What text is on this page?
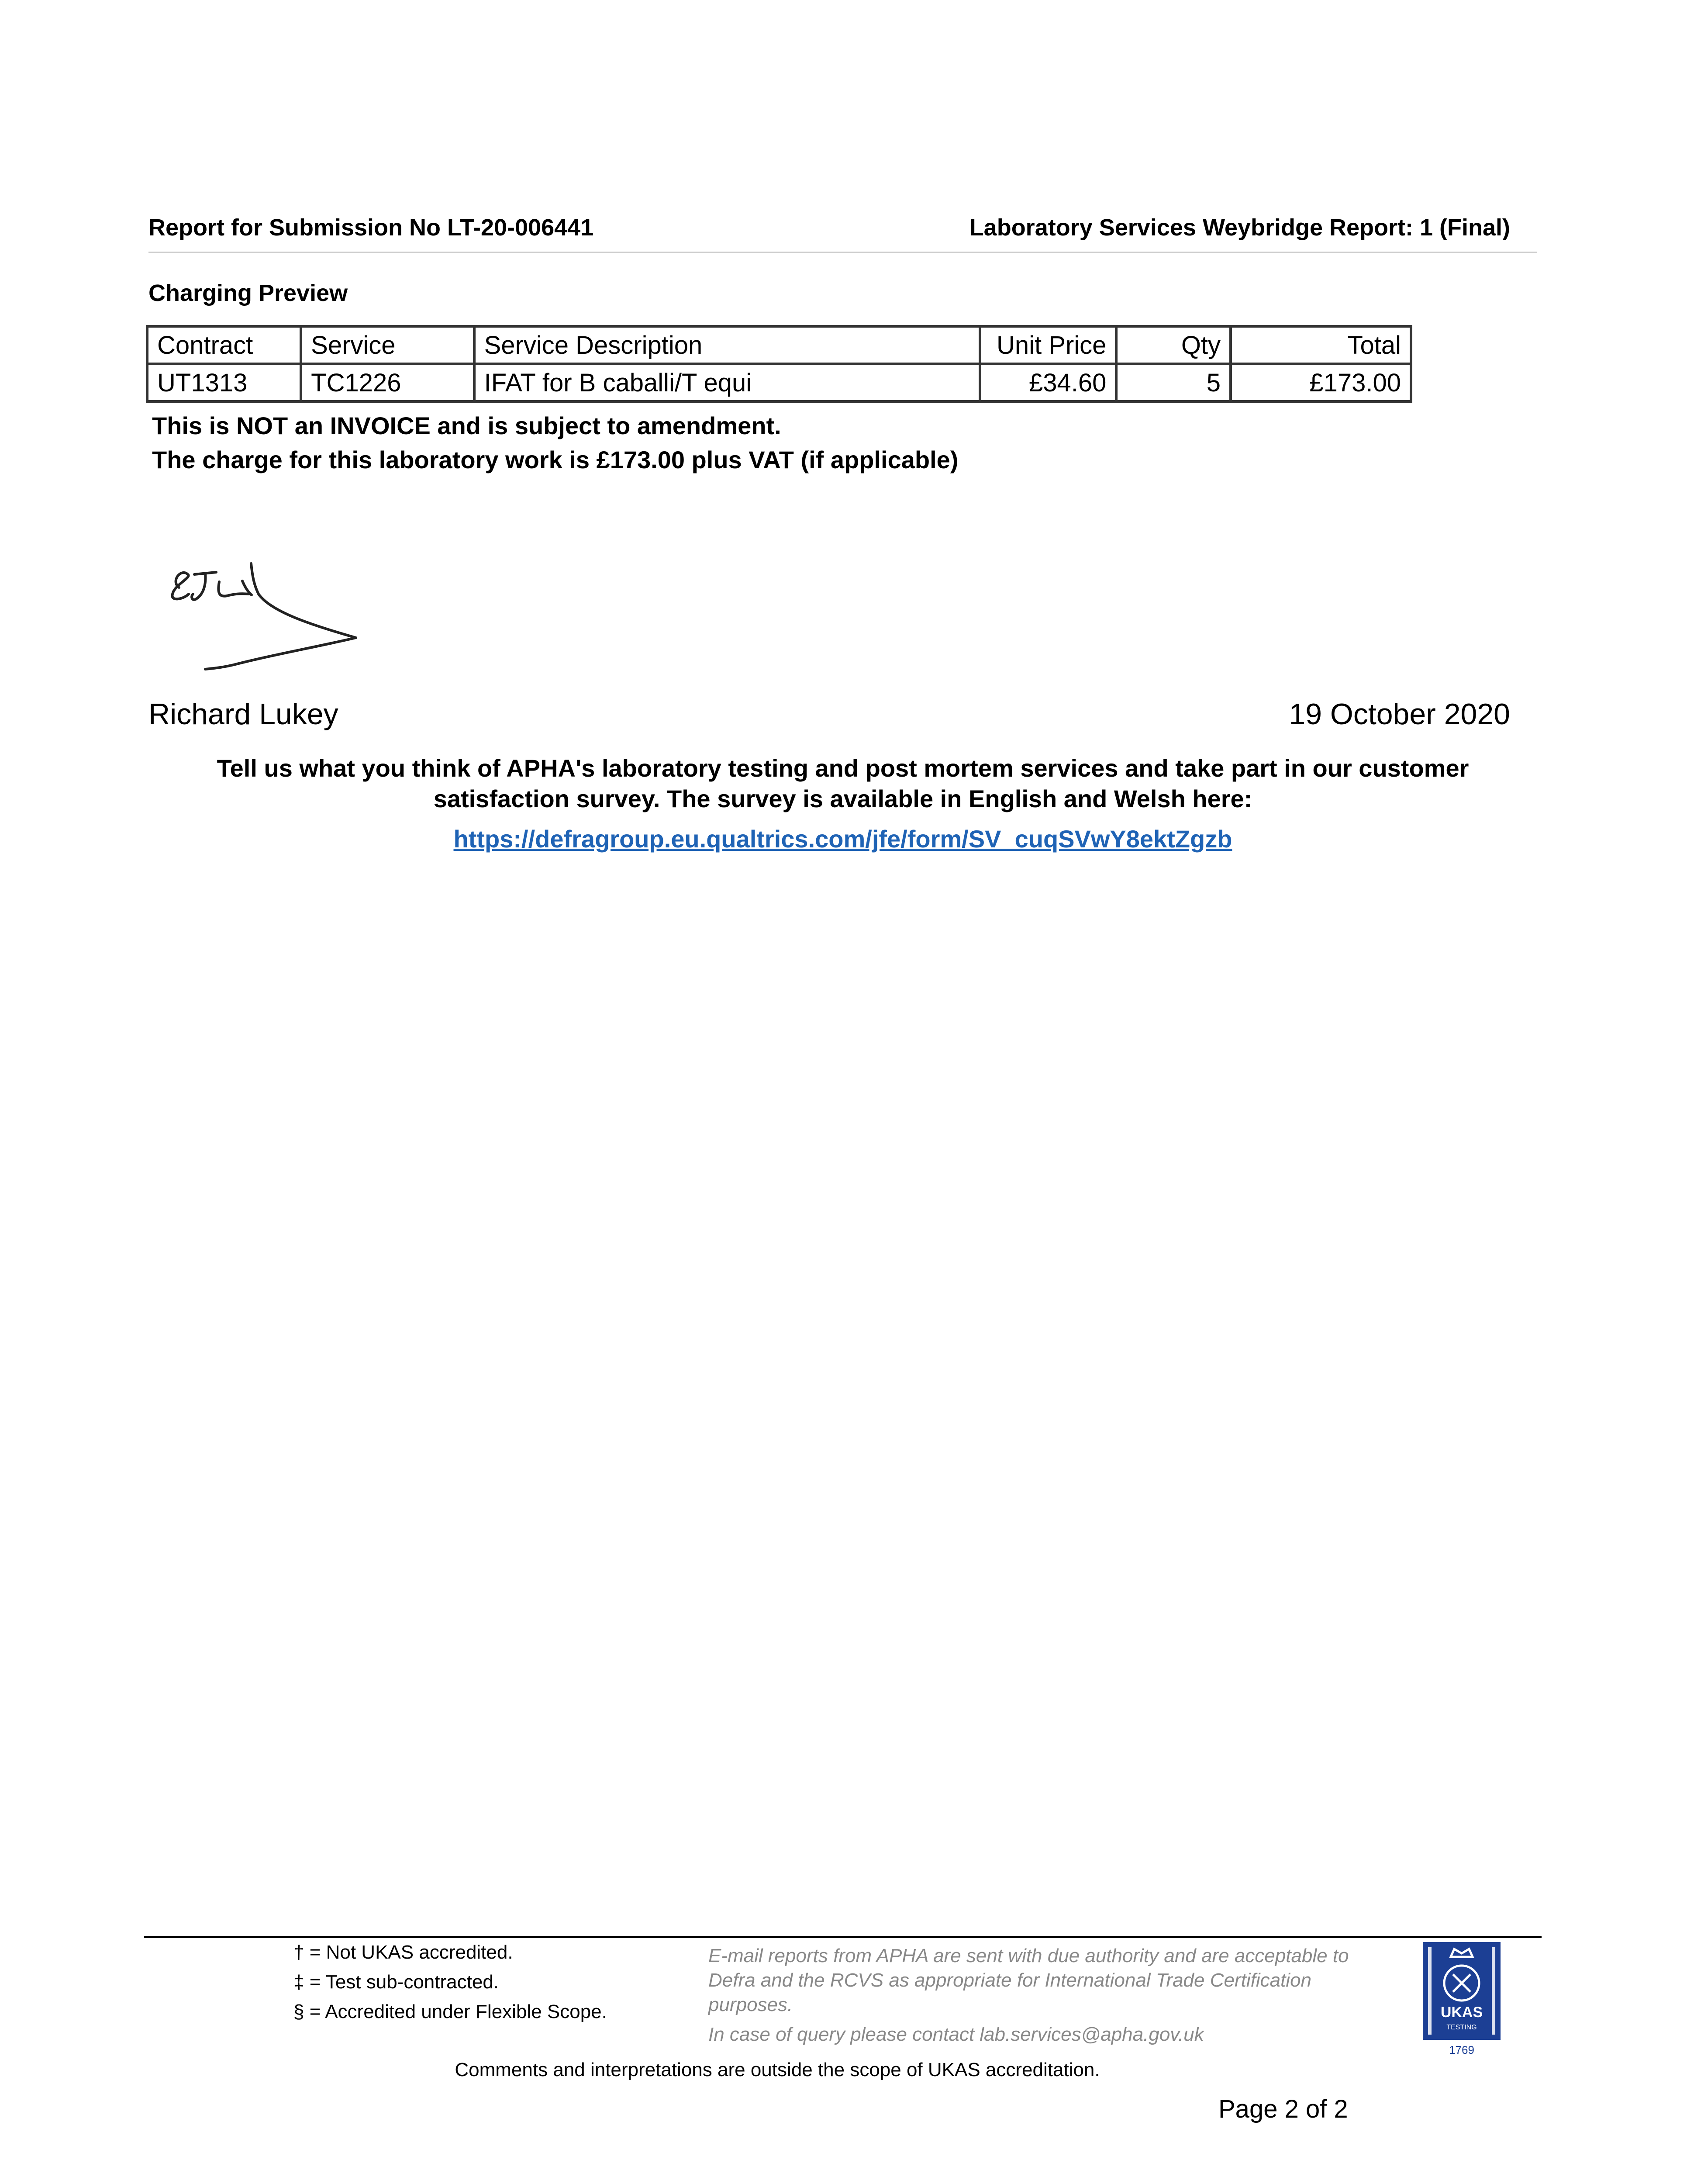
Report for Submission No LT-20-006441	Laboratory Services Weybridge Report: 1 (Final)
Charging Preview
Contract	Service	Service Description	Unit Price	Qty	Total
UT1313	TC1226	IFAT for B caballi/T equi	£34.60	5	£173.00
This is NOT an INVOICE and is subject to amendment.
The charge for this laboratory work is £173.00 plus VAT (if applicable)
Richard Lukey	19 October 2020
Tell us what you think of APHA's laboratory testing and post mortem services and take part in our customer satisfaction survey. The survey is available in English and Welsh here:
https://defragroup.eu.qualtrics.com/jfe/form/SV_cuqSVwY8ektZgzb
† = Not UKAS accredited.
‡ = Test sub-contracted.
§ = Accredited under Flexible Scope.
E-mail reports from APHA are sent with due authority and are acceptable to Defra and the RCVS as appropriate for International Trade Certification purposes.
In case of query please contact lab.services@apha.gov.uk
UKAS
TESTING
1769
Comments and interpretations are outside the scope of UKAS accreditation.
Page 2 of 2
